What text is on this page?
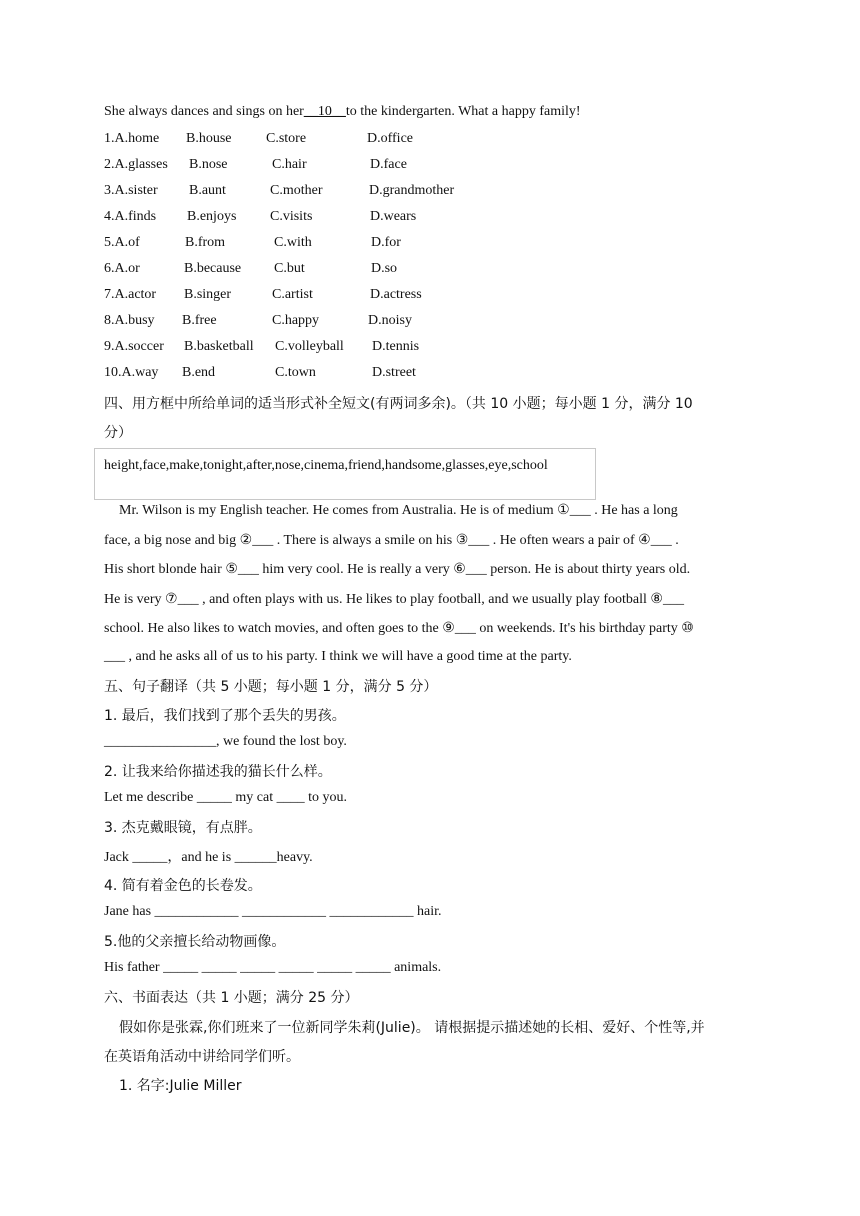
She always dances and sings on her__10__to the kindergarten. What a happy family!
1.A.home B.house C.store	D.office
2.A.glasses B.nose	C.hair	D.face
3.A.sister B.aunt	C.mother	D.grandmother
4.A.finds B.enjoys C.visits	D.wears
5.A.of	B.from	C.with	D.for
6.A.or	B.because C.but	D.so
7.A.actor B.singer	C.artist	D.actress
8.A.busy B.free	C.happy	D.noisy
9.A.soccer B.basketball C.volleyball D.tennis
10.A.way B.end	C.town	D.street
四、用方框中所给单词的适当形式补全短文(有两词多余)。（共 10 小题；每小题 1 分，满分 10
分）
height,face,make,tonight,after,nose,cinema,friend,handsome,glasses,eye,school
Mr. Wilson is my English teacher. He comes from Australia. He is of medium ①___ . He has a long
face, a big nose and big ②___ . There is always a smile on his ③___ . He often wears a pair of ④___ .
His short blonde hair ⑤___ him very cool. He is really a very ⑥___ person. He is about thirty years old.
He is very ⑦___ , and often plays with us. He likes to play football, and we usually play football ⑧___
school. He also likes to watch movies, and often goes to the ⑨___ on weekends. It's his birthday party ⑩
___ , and he asks all of us to his party. I think we will have a good time at the party.
五、句子翻译（共 5 小题；每小题 1 分，满分 5 分）
1. 最后，我们找到了那个丢失的男孩。
________________, we found the lost boy.
2. 让我来给你描述我的猫长什么样。
Let me describe _____ my cat ____ to you.
3. 杰克戴眼镜，有点胖。
Jack _____，and he is ______heavy.
4. 简有着金色的长卷发。
Jane has ____________ ____________ ____________ hair.
5.他的父亲擅长给动物画像。
His father _____ _____ _____ _____ _____ _____ animals.
六、书面表达（共 1 小题；满分 25 分）
假如你是张霖,你们班来了一位新同学朱莉(Julie)。 请根据提示描述她的长相、爱好、个性等,并
在英语角活动中讲给同学们听。
1. 名字:Julie Miller
